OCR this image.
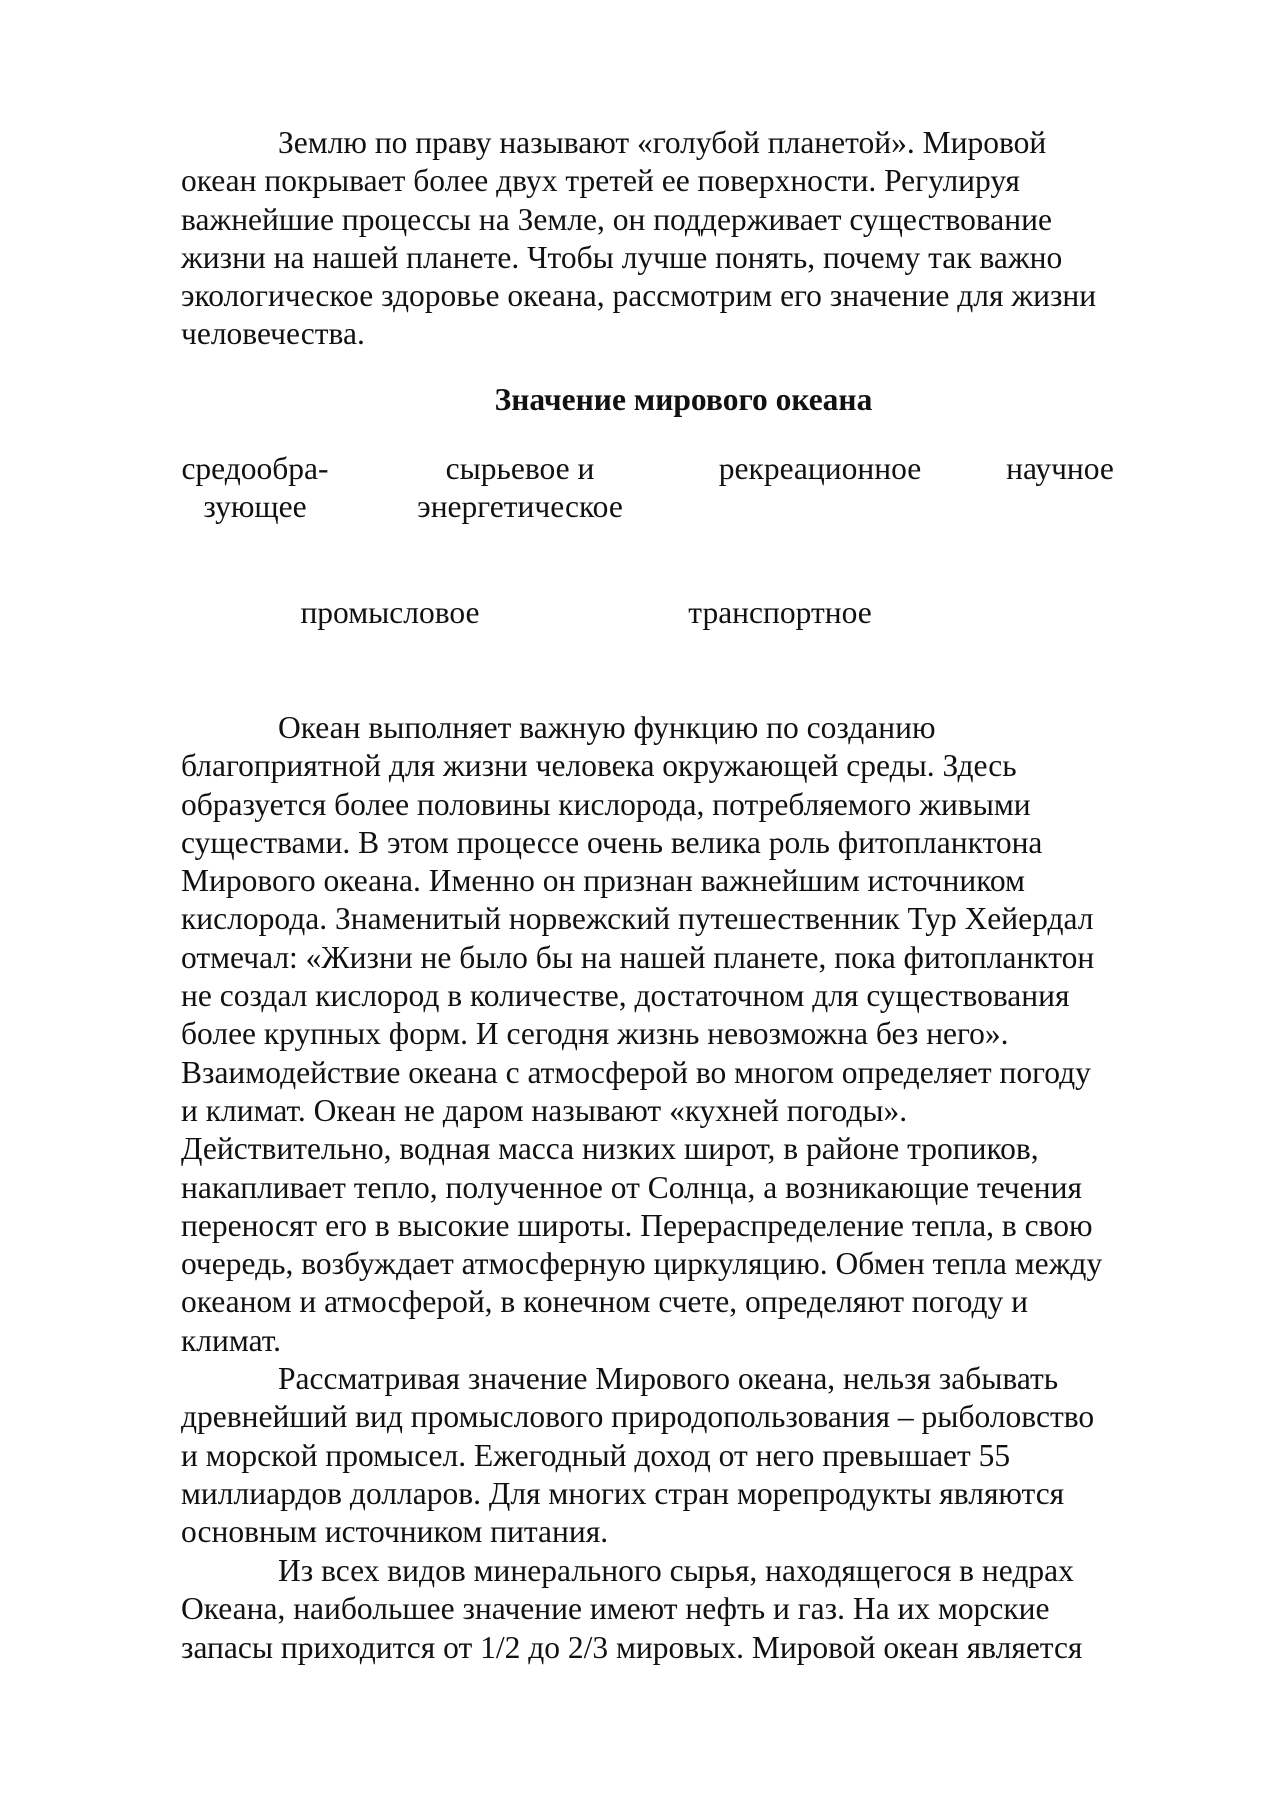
Землю по праву называют «голубой планетой». Мировой
океан покрывает более двух третей ее поверхности. Регулируя
важнейшие процессы на Земле, он поддерживает существование
жизни на нашей планете. Чтобы лучше понять, почему так важно
экологическое здоровье океана, рассмотрим его значение для жизни
человечества.

Значение мирового океана
средообра-
зующее
сырьевое и
энергетическое
рекреационное	научное
промысловое	транспортное

Океан выполняет важную функцию по созданию
благоприятной для жизни человека окружающей среды. Здесь
образуется более половины кислорода, потребляемого живыми
существами. В этом процессе очень велика роль фитопланктона
Мирового океана. Именно он признан важнейшим источником
кислорода. Знаменитый норвежский путешественник Тур Хейердал
отмечал: «Жизни не было бы на нашей планете, пока фитопланктон
не создал кислород в количестве, достаточном для существования
более крупных форм. И сегодня жизнь невозможна без него».
Взаимодействие океана с атмосферой во многом определяет погоду
и климат. Океан не даром называют «кухней погоды».
Действительно, водная масса низких широт, в районе тропиков,
накапливает тепло, полученное от Солнца, а возникающие течения
переносят его в высокие широты. Перераспределение тепла, в свою
очередь, возбуждает атмосферную циркуляцию. Обмен тепла между
океаном и атмосферой, в конечном счете, определяют погоду и
климат.

Рассматривая значение Мирового океана, нельзя забывать
древнейший вид промыслового природопользования – рыболовство
и морской промысел. Ежегодный доход от него превышает 55
миллиардов долларов. Для многих стран морепродукты являются
основным источником питания.

Из всех видов минерального сырья, находящегося в недрах
Океана, наибольшее значение имеют нефть и газ. На их морские
запасы приходится от 1/2 до 2/3 мировых. Мировой океан является
